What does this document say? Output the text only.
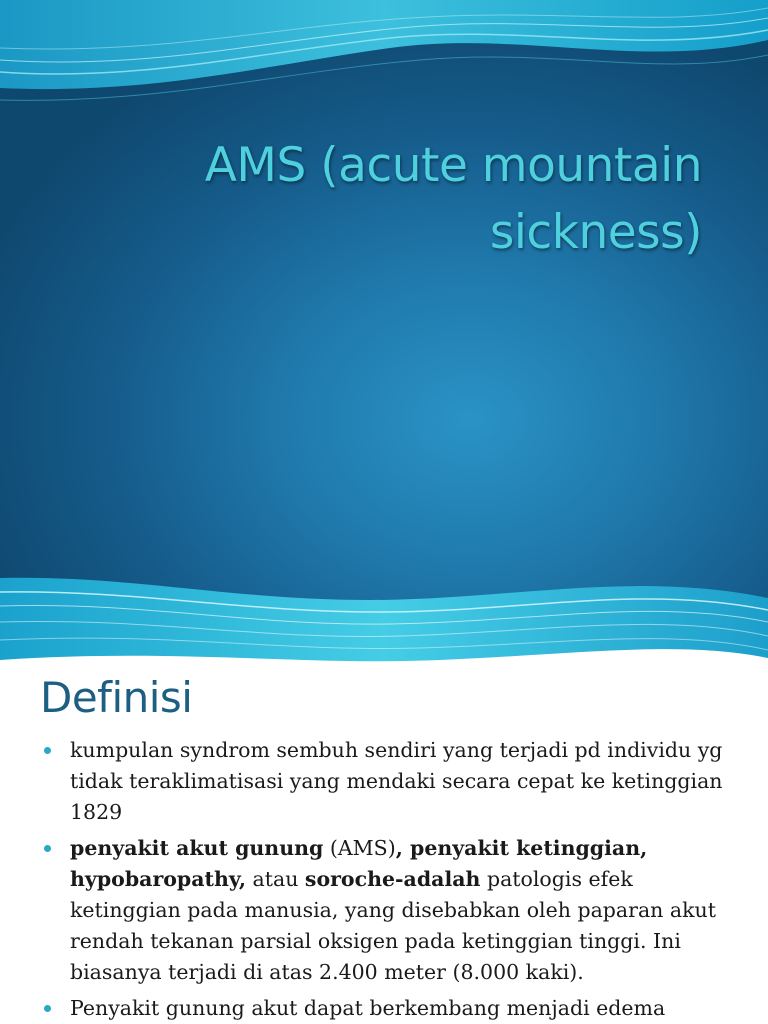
AMS (acute mountain sickness)
Definisi
kumpulan syndrom sembuh sendiri yang terjadi pd individu yg tidak teraklimatisasi yang mendaki secara cepat ke ketinggian 1829
penyakit akut gunung (AMS), penyakit ketinggian, hypobaropathy, atau soroche-adalah patologis efek ketinggian pada manusia, yang disebabkan oleh paparan akut rendah tekanan parsial oksigen pada ketinggian tinggi. Ini biasanya terjadi di atas 2.400 meter (8.000 kaki).
Penyakit gunung akut dapat berkembang menjadi edema
